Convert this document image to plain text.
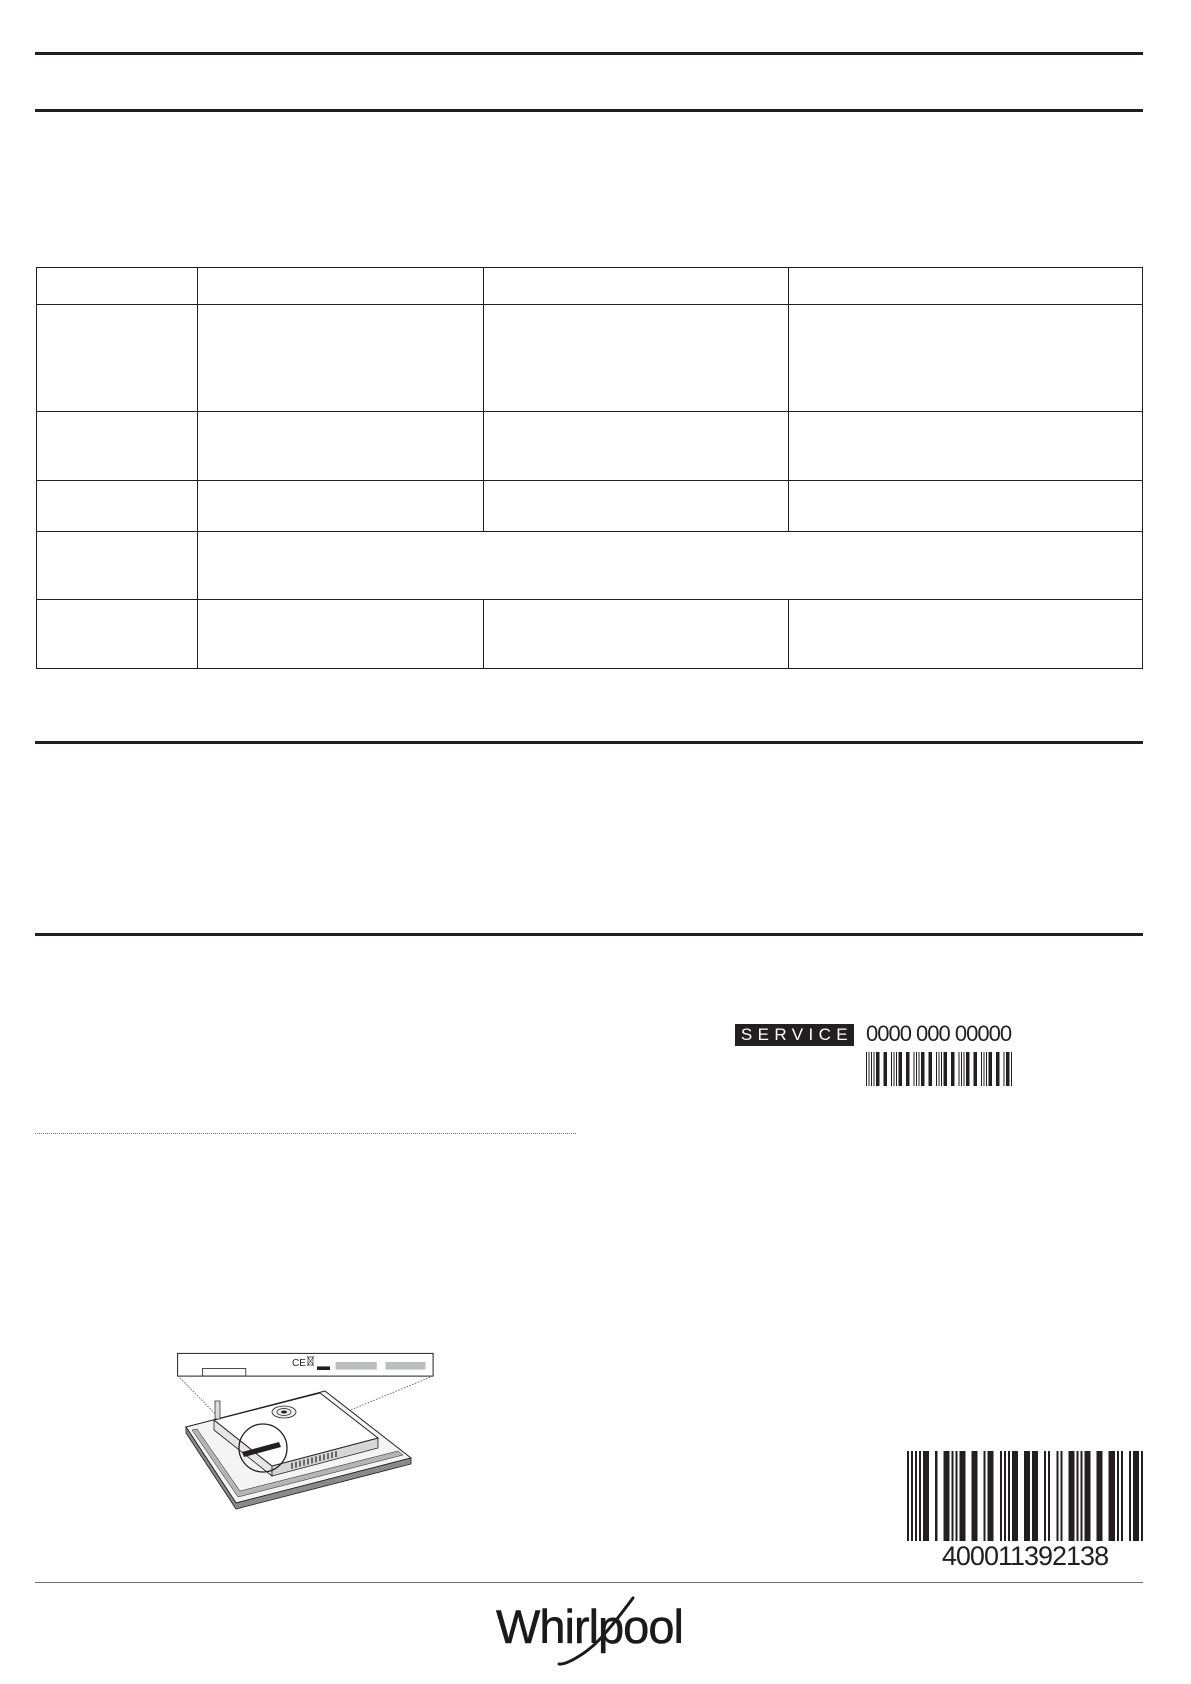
SERVICE 0000 000 00000
CE
400011392138
Whirlpool
